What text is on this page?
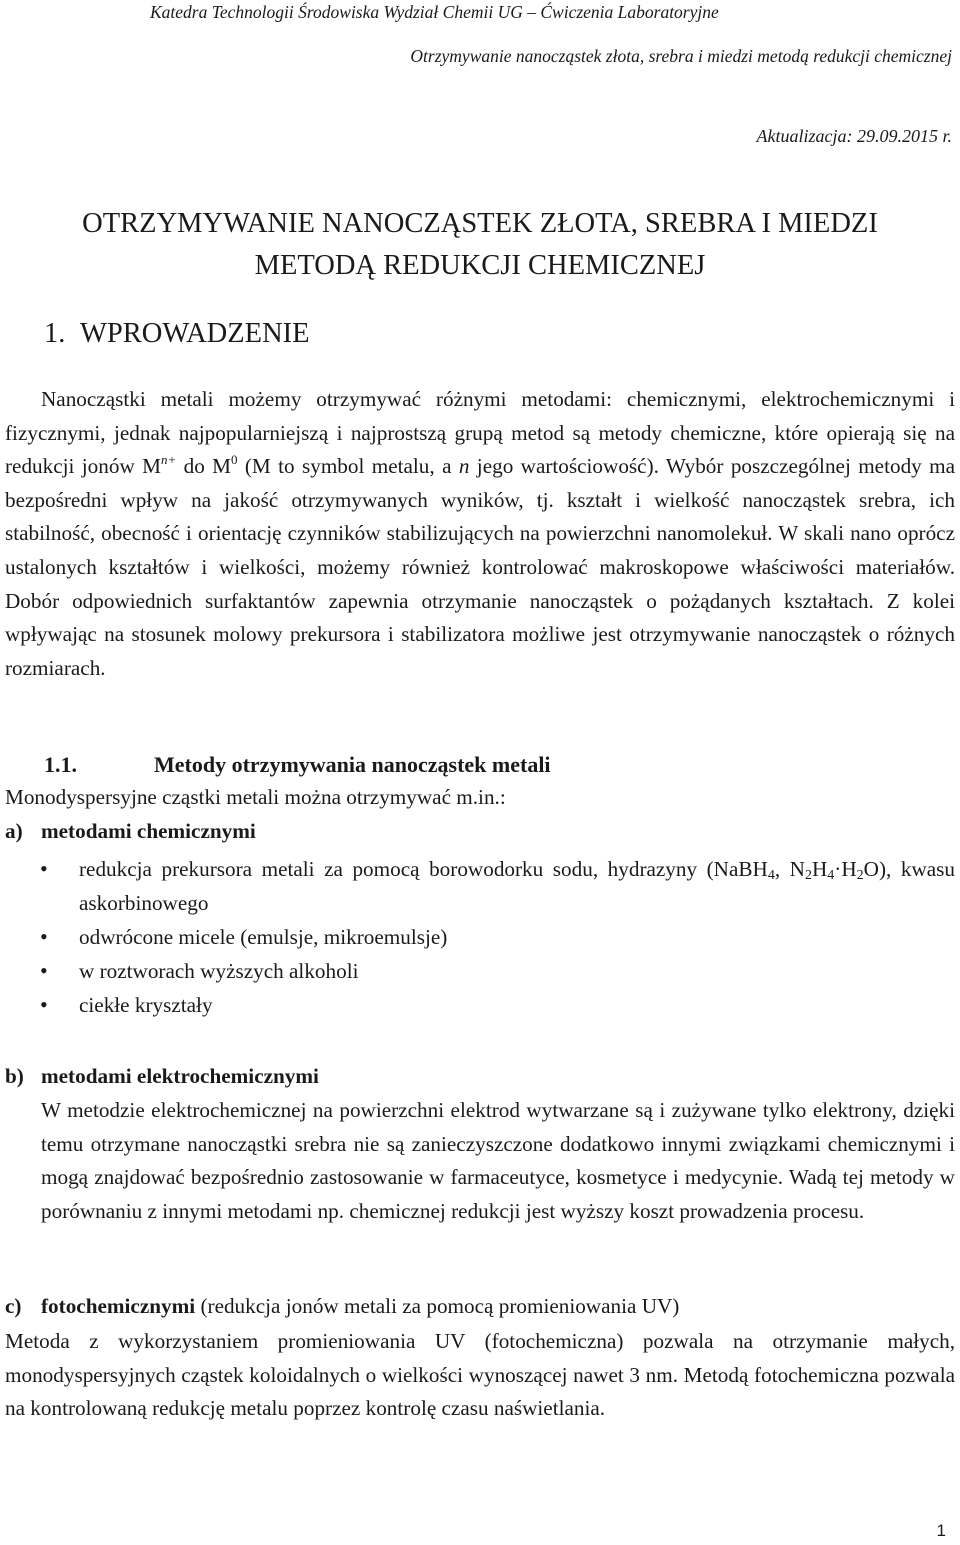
Katedra Technologii Środowiska Wydział Chemii UG – Ćwiczenia Laboratoryjne
Otrzymywanie nanocząstek złota, srebra i miedzi metodą redukcji chemicznej
Aktualizacja: 29.09.2015 r.
OTRZYMYWANIE NANOCZĄSTEK ZŁOTA, SREBRA I MIEDZI
METODĄ REDUKCJI CHEMICZNEJ
1. WPROWADZENIE
Nanocząstki metali możemy otrzymywać różnymi metodami: chemicznymi, elektrochemicznymi i fizycznymi, jednak najpopularniejszą i najprostszą grupą metod są metody chemiczne, które opierają się na redukcji jonów $M^{n+}$ do $M^0$ (M to symbol metalu, a n jego wartościowość). Wybór poszczególnej metody ma bezpośredni wpływ na jakość otrzymywanych wyników, tj. kształt i wielkość nanocząstek srebra, ich stabilność, obecność i orientację czynników stabilizujących na powierzchni nanomolekuł. W skali nano oprócz ustalonych kształtów i wielkości, możemy również kontrolować makroskopowe właściwości materiałów. Dobór odpowiednich surfaktantów zapewnia otrzymanie nanocząstek o pożądanych kształtach. Z kolei wpływając na stosunek molowy prekursora i stabilizatora możliwe jest otrzymywanie nanocząstek o różnych rozmiarach.
1.1.	Metody otrzymywania nanocząstek metali
Monodyspersyjne cząstki metali można otrzymywać m.in.:
a) metodami chemicznymi
• redukcja prekursora metali za pomocą borowodorku sodu, hydrazyny (NaBH$_4$, $N_2H_4\cdot H_2O$), kwasu askorbinowego
• odwrócone micele (emulsje, mikroemulsje)
• w roztworach wyższych alkoholi
• ciekłe kryształy
b) metodami elektrochemicznymi
W metodzie elektrochemicznej na powierzchni elektrod wytwarzane są i zużywane tylko elektrony, dzięki temu otrzymane nanocząstki srebra nie są zanieczyszczone dodatkowo innymi związkami chemicznymi i mogą znajdować bezpośrednio zastosowanie w farmaceutyce, kosmetyce i medycynie. Wadą tej metody w porównaniu z innymi metodami np. chemicznej redukcji jest wyższy koszt prowadzenia procesu.
c) fotochemicznymi (redukcja jonów metali za pomocą promieniowania UV)
Metoda z wykorzystaniem promieniowania UV (fotochemiczna) pozwala na otrzymanie małych, monodyspersyjnych cząstek koloidalnych o wielkości wynoszącej nawet 3 nm. Metodą fotochemiczna pozwala na kontrolowaną redukcję metalu poprzez kontrolę czasu naświetlania.
1
